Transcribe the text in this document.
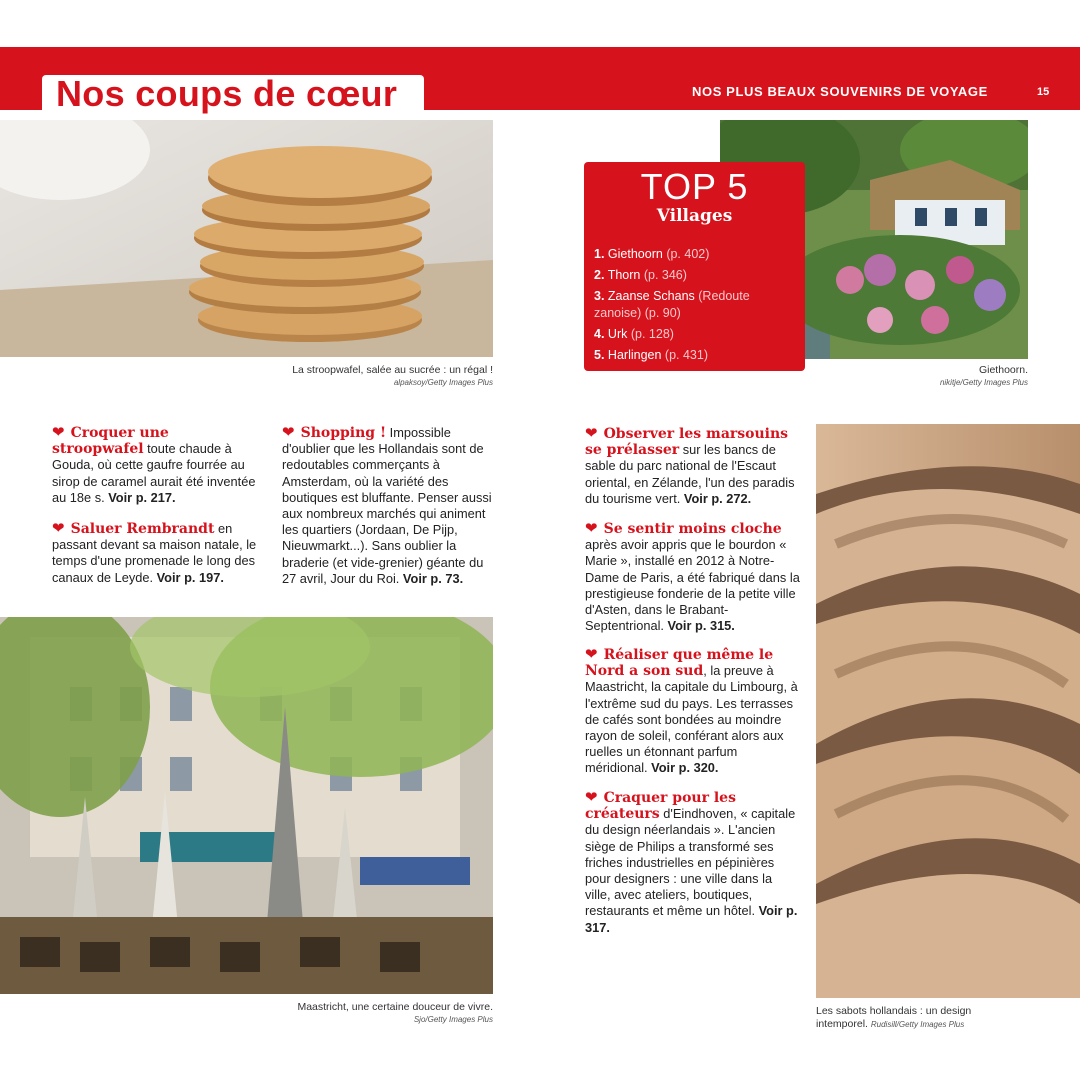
Nos coups de cœur	NOS PLUS BEAUX SOUVENIRS DE VOYAGE	15
La stroopwafel, salée au sucrée : un régal !
alpaksoy/Getty Images Plus
Giethoorn.
nikitje/Getty Images Plus
TOP 5
Villages
1. Giethoorn (p. 402)
2. Thorn (p. 346)
3. Zaanse Schans (Redoute zanoise) (p. 90)
4. Urk (p. 128)
5. Harlingen (p. 431)
❤ Croquer une stroopwafel toute chaude à Gouda, où cette gaufre fourrée au sirop de caramel aurait été inventée au 18e s. Voir p. 217.
❤ Saluer Rembrandt en passant devant sa maison natale, le temps d'une promenade le long des canaux de Leyde. Voir p. 197.
❤ Shopping ! Impossible d'oublier que les Hollandais sont de redoutables commerçants à Amsterdam, où la variété des boutiques est bluffante. Penser aussi aux nombreux marchés qui animent les quartiers (Jordaan, De Pijp, Nieuwmarkt...). Sans oublier la braderie (et vide-grenier) géante du 27 avril, Jour du Roi. Voir p. 73.
Maastricht, une certaine douceur de vivre.
Sjo/Getty Images Plus
❤ Observer les marsouins se prélasser sur les bancs de sable du parc national de l'Escaut oriental, en Zélande, l'un des paradis du tourisme vert. Voir p. 272.
❤ Se sentir moins cloche après avoir appris que le bourdon « Marie », installé en 2012 à Notre-Dame de Paris, a été fabriqué dans la prestigieuse fonderie de la petite ville d'Asten, dans le Brabant-Septentrional. Voir p. 315.
❤ Réaliser que même le Nord a son sud, la preuve à Maastricht, la capitale du Limbourg, à l'extrême sud du pays. Les terrasses de cafés sont bondées au moindre rayon de soleil, conférant alors aux ruelles un étonnant parfum méridional. Voir p. 320.
❤ Craquer pour les créateurs d'Eindhoven, « capitale du design néerlandais ». L'ancien siège de Philips a transformé ses friches industrielles en pépinières pour designers : une ville dans la ville, avec ateliers, boutiques, restaurants et même un hôtel. Voir p. 317.
Les sabots hollandais : un design intemporel. Rudisill/Getty Images Plus
